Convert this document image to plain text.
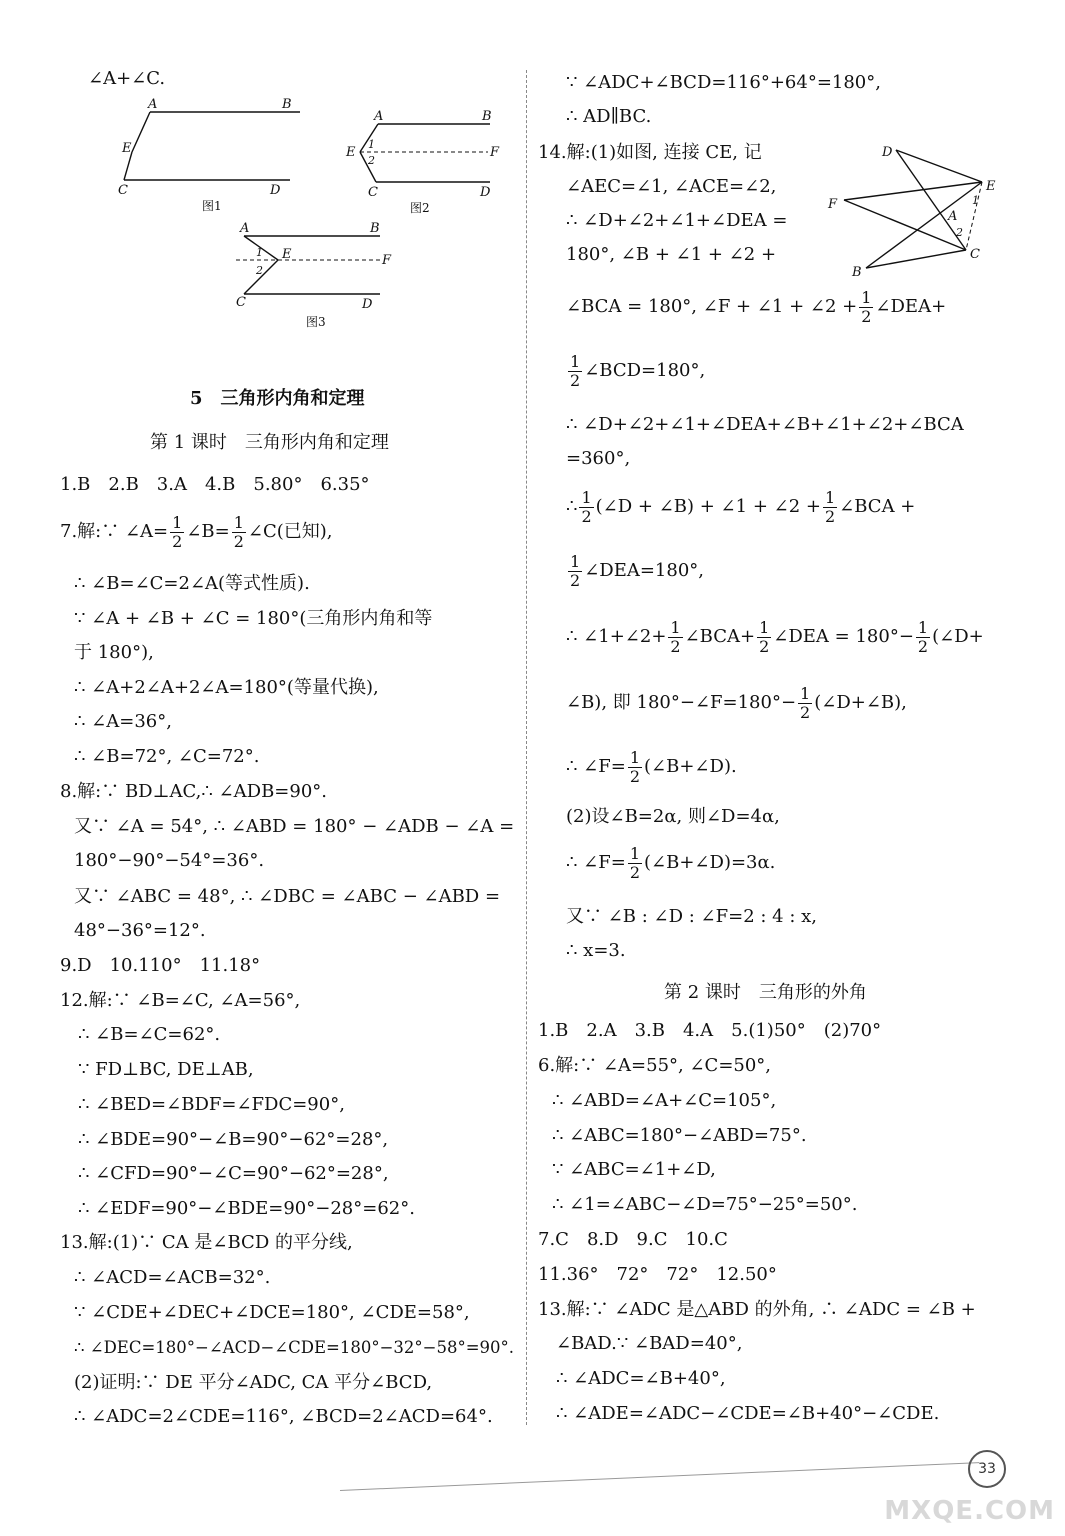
∠A+∠C.
A	B
E
C	D
图1
A	B
E
1
2
F
C	D
图2
A	B
1 E
2
F
C	D
图3
5　三角形内角和定理
第 1 课时　三角形内角和定理
1.B　2.B　3.A　4.B　5.80°　6.35°
7.解:∵ ∠A= $\frac{1}{2}$ ∠B= $\frac{1}{2}$ ∠C(已知),
∴ ∠B=∠C=2∠A(等式性质).
∵ ∠A + ∠B + ∠C = 180°(三角形内角和等
于 180°),
∴ ∠A+2∠A+2∠A=180°(等量代换),
∴ ∠A=36°,
∴ ∠B=72°, ∠C=72°.
8.解:∵ BD⊥AC,∴ ∠ADB=90°.
又∵ ∠A = 54°, ∴ ∠ABD = 180° − ∠ADB − ∠A =
180°−90°−54°=36°.
又∵ ∠ABC = 48°, ∴ ∠DBC = ∠ABC − ∠ABD =
48°−36°=12°.
9.D　10.110°　11.18°
12.解:∵ ∠B=∠C, ∠A=56°,
∴ ∠B=∠C=62°.
∵ FD⊥BC, DE⊥AB,
∴ ∠BED=∠BDF=∠FDC=90°,
∴ ∠BDE=90°−∠B=90°−62°=28°,
∴ ∠CFD=90°−∠C=90°−62°=28°,
∴ ∠EDF=90°−∠BDE=90°−28°=62°.
13.解:(1)∵ CA 是∠BCD 的平分线,
∴ ∠ACD=∠ACB=32°.
∵ ∠CDE+∠DEC+∠DCE=180°, ∠CDE=58°,
∴ ∠DEC=180°−∠ACD−∠CDE=180°−32°−58°=90°.
(2)证明:∵ DE 平分∠ADC, CA 平分∠BCD,
∴ ∠ADC=2∠CDE=116°, ∠BCD=2∠ACD=64°.
∵ ∠ADC+∠BCD=116°+64°=180°,
∴ AD∥BC.
14.解:(1)如图, 连接 CE, 记
∠AEC=∠1, ∠ACE=∠2,
∴ ∠D+∠2+∠1+∠DEA =
180°, ∠B + ∠1 + ∠2 +
D
E
F
A
1
2
C
B
∠BCA = 180°, ∠F + ∠1 + ∠2 + $\frac{1}{2}$ ∠DEA+
$\frac{1}{2}$ ∠BCD=180°,
∴ ∠D+∠2+∠1+∠DEA+∠B+∠1+∠2+∠BCA
=360°,
∴ $\frac{1}{2}$ (∠D + ∠B) + ∠1 + ∠2 + $\frac{1}{2}$ ∠BCA +
$\frac{1}{2}$ ∠DEA=180°,
∴ ∠1+∠2+ $\frac{1}{2}$ ∠BCA+ $\frac{1}{2}$ ∠DEA = $180^\circ- \frac{1}{2}$ (∠D+
∠B), 即 180°−∠F=180°− $\frac{1}{2}$ (∠D+∠B),
∴ ∠F= $\frac{1}{2}$ (∠B+∠D).
(2)设∠B=2α, 则∠D=4α,
∴ ∠F= $\frac{1}{2}$ (∠B+∠D)=3α.
又∵ ∠B : ∠D : ∠F=2 : 4 : x,
∴ x=3.
第 2 课时　三角形的外角
1.B　2.A　3.B　4.A　5.(1)50°　(2)70°
6.解:∵ ∠A=55°, ∠C=50°,
∴ ∠ABD=∠A+∠C=105°,
∴ ∠ABC=180°−∠ABD=75°.
∵ ∠ABC=∠1+∠D,
∴ ∠1=∠ABC−∠D=75°−25°=50°.
7.C　8.D　9.C　10.C
11.36°　72°　72°　12.50°
13.解:∵ ∠ADC 是△ABD 的外角, ∴ ∠ADC = ∠B +
∠BAD.∵ ∠BAD=40°,
∴ ∠ADC=∠B+40°,
∴ ∠ADE=∠ADC−∠CDE=∠B+40°−∠CDE.
33
MXQE.COM
